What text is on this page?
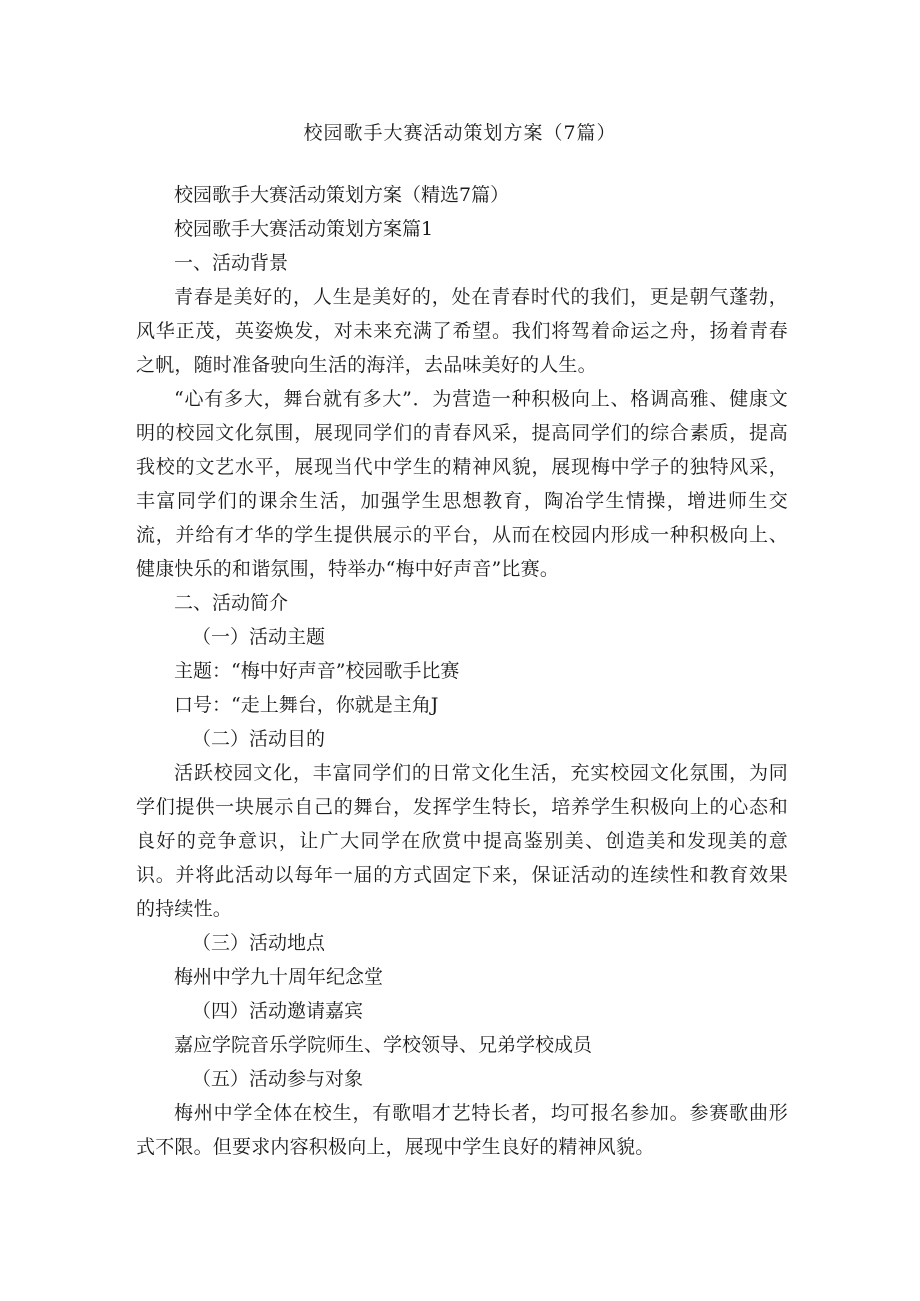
校园歌手大赛活动策划方案（7篇）

校园歌手大赛活动策划方案（精选7篇）

校园歌手大赛活动策划方案篇1

一、活动背景

青春是美好的，人生是美好的，处在青春时代的我们，更是朝气蓬勃，风华正茂，英姿焕发，对未来充满了希望。我们将驾着命运之舟，扬着青春之帆，随时准备驶向生活的海洋，去品味美好的人生。

“心有多大，舞台就有多大”．为营造一种积极向上、格调高雅、健康文明的校园文化氛围，展现同学们的青春风采，提高同学们的综合素质，提高我校的文艺水平，展现当代中学生的精神风貌，展现梅中学子的独特风采，丰富同学们的课余生活，加强学生思想教育，陶冶学生情操，增进师生交流，并给有才华的学生提供展示的平台，从而在校园内形成一种积极向上、健康快乐的和谐氛围，特举办“梅中好声音”比赛。

二、活动简介

（一）活动主题

主题：“梅中好声音”校园歌手比赛

口号：“走上舞台，你就是主角J

（二）活动目的

活跃校园文化，丰富同学们的日常文化生活，充实校园文化氛围，为同学们提供一块展示自己的舞台，发挥学生特长，培养学生积极向上的心态和良好的竞争意识，让广大同学在欣赏中提高鉴别美、创造美和发现美的意识。并将此活动以每年一届的方式固定下来，保证活动的连续性和教育效果的持续性。

（三）活动地点

梅州中学九十周年纪念堂

（四）活动邀请嘉宾

嘉应学院音乐学院师生、学校领导、兄弟学校成员

（五）活动参与对象

梅州中学全体在校生，有歌唱才艺特长者，均可报名参加。参赛歌曲形式不限。但要求内容积极向上，展现中学生良好的精神风貌。
